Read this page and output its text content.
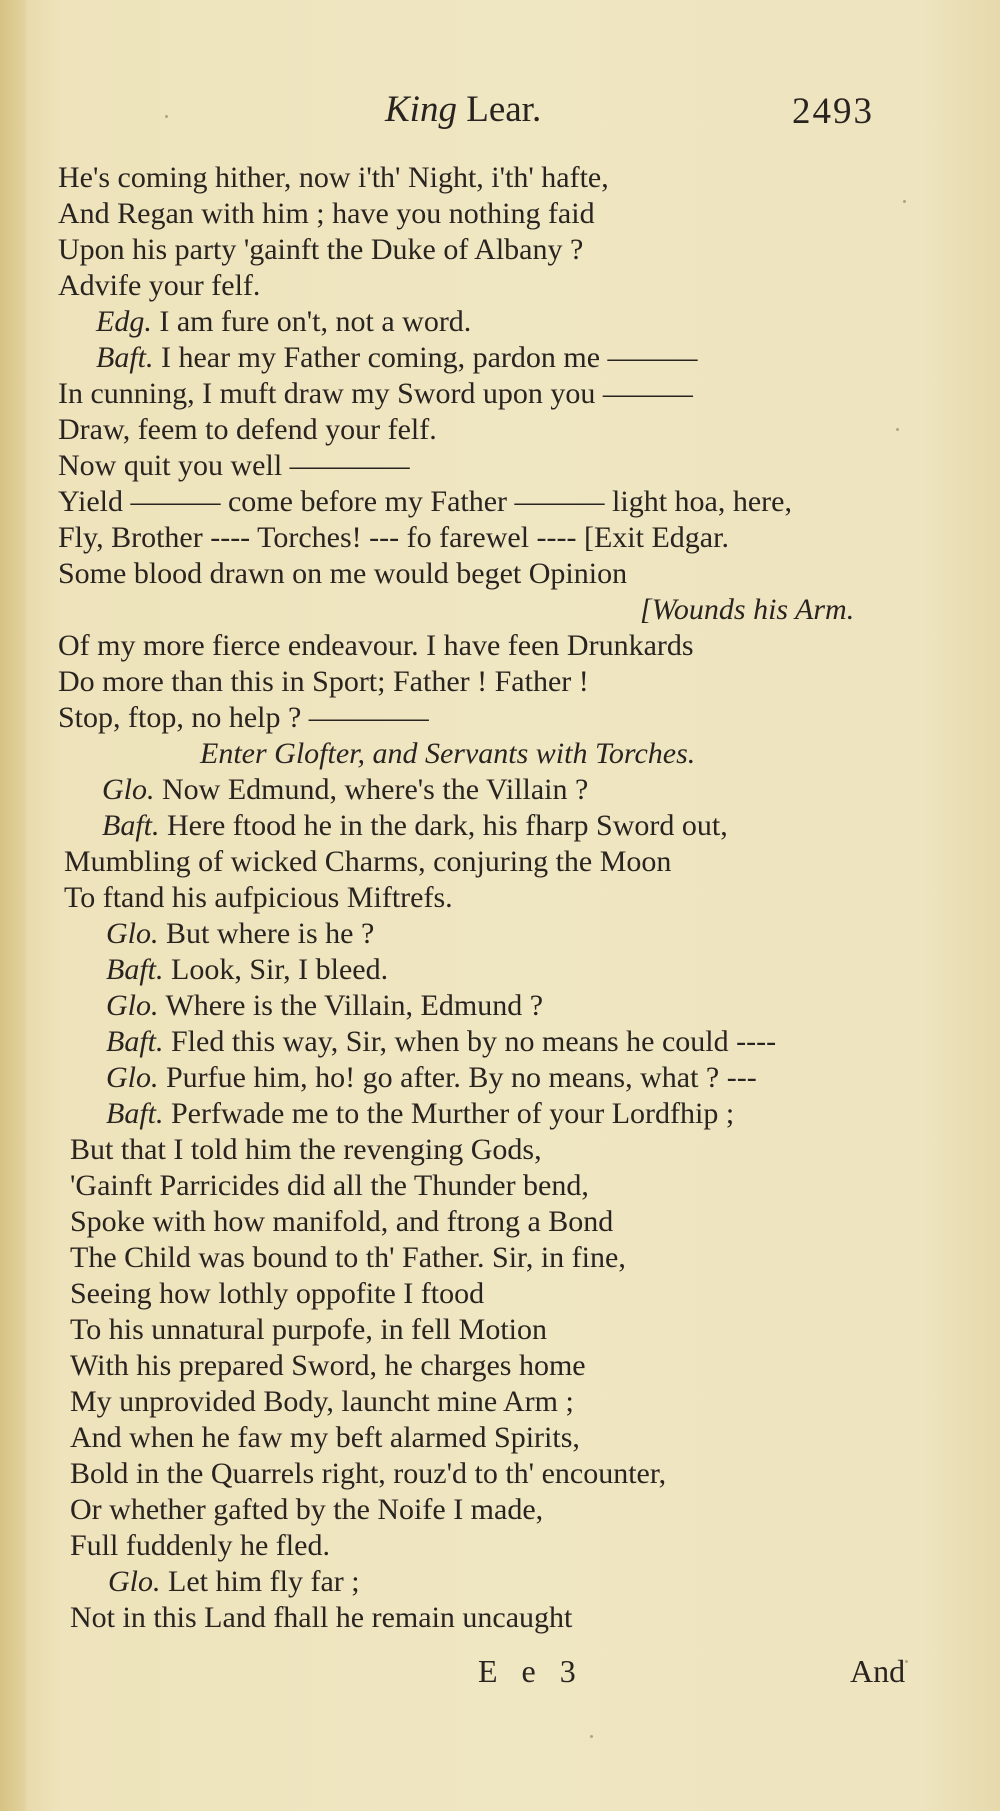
King Lear.	2493
He's coming hither, now i'th' Night, i'th' hafte,
And Regan with him ; have you nothing faid
Upon his party 'gainft the Duke of Albany ?
Advife your felf.
Edg. I am fure on't, not a word.
Baft. I hear my Father coming, pardon me ———
In cunning, I muft draw my Sword upon you ———
Draw, feem to defend your felf.
Now quit you well ————
Yield ——— come before my Father ——— light hoa, here,
Fly, Brother ---- Torches! --- fo farewel ---- [Exit Edgar.
Some blood drawn on me would beget Opinion
[Wounds his Arm.
Of my more fierce endeavour. I have feen Drunkards
Do more than this in Sport; Father ! Father !
Stop, ftop, no help ? ————
Enter Glofter, and Servants with Torches.
Glo. Now Edmund, where's the Villain ?
Baft. Here ftood he in the dark, his fharp Sword out,
Mumbling of wicked Charms, conjuring the Moon
To ftand his aufpicious Miftrefs.
Glo. But where is he ?
Baft. Look, Sir, I bleed.
Glo. Where is the Villain, Edmund ?
Baft. Fled this way, Sir, when by no means he could ----
Glo. Purfue him, ho! go after. By no means, what ? ---
Baft. Perfwade me to the Murther of your Lordfhip ;
But that I told him the revenging Gods,
'Gainft Parricides did all the Thunder bend,
Spoke with how manifold, and ftrong a Bond
The Child was bound to th' Father. Sir, in fine,
Seeing how lothly oppofite I ftood
To his unnatural purpofe, in fell Motion
With his prepared Sword, he charges home
My unprovided Body, launcht mine Arm ;
And when he faw my beft alarmed Spirits,
Bold in the Quarrels right, rouz'd to th' encounter,
Or whether gafted by the Noife I made,
Full fuddenly he fled.
Glo. Let him fly far ;
Not in this Land fhall he remain uncaught
E e 3	And
